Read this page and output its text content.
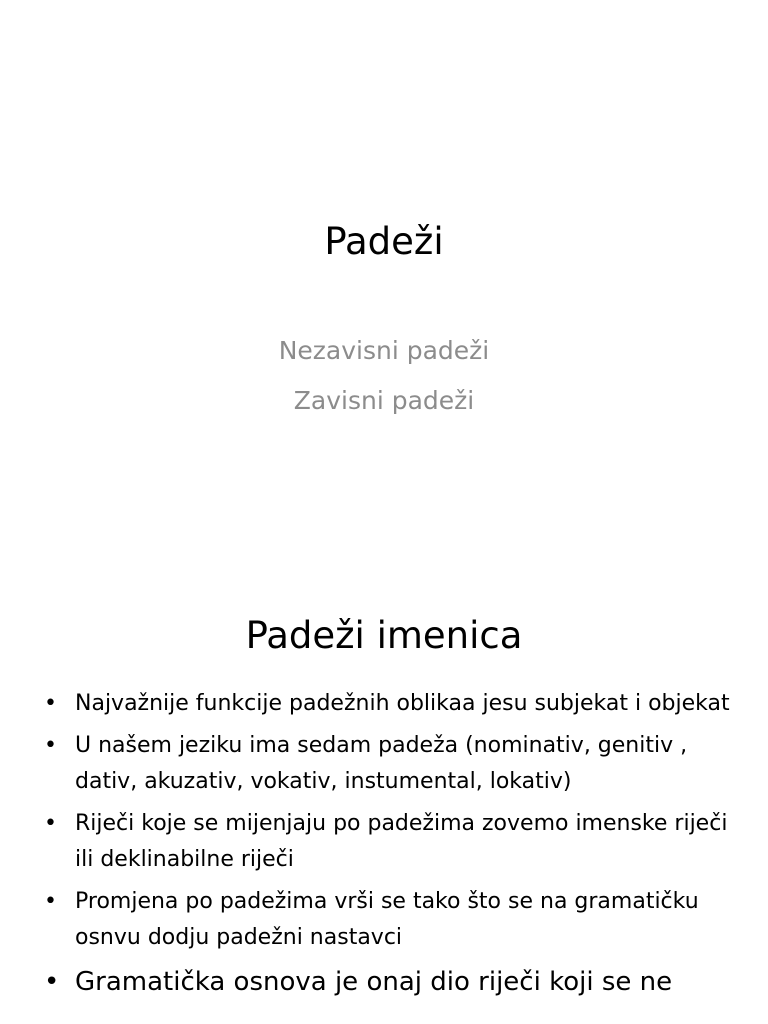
Padeži
Nezavisni padeži
Zavisni padeži
Padeži imenica
• Najvažnije funkcije padežnih oblikaa jesu subjekat i objekat
• U našem jeziku ima sedam padeža (nominativ, genitiv , dativ, akuzativ, vokativ, instumental, lokativ)
• Riječi koje se mijenjaju po padežima zovemo imenske riječi ili deklinabilne riječi
• Promjena po padežima vrši se tako što se na gramatičku osnvu dodju padežni nastavci
• Gramatička osnova je onaj dio riječi koji se ne
